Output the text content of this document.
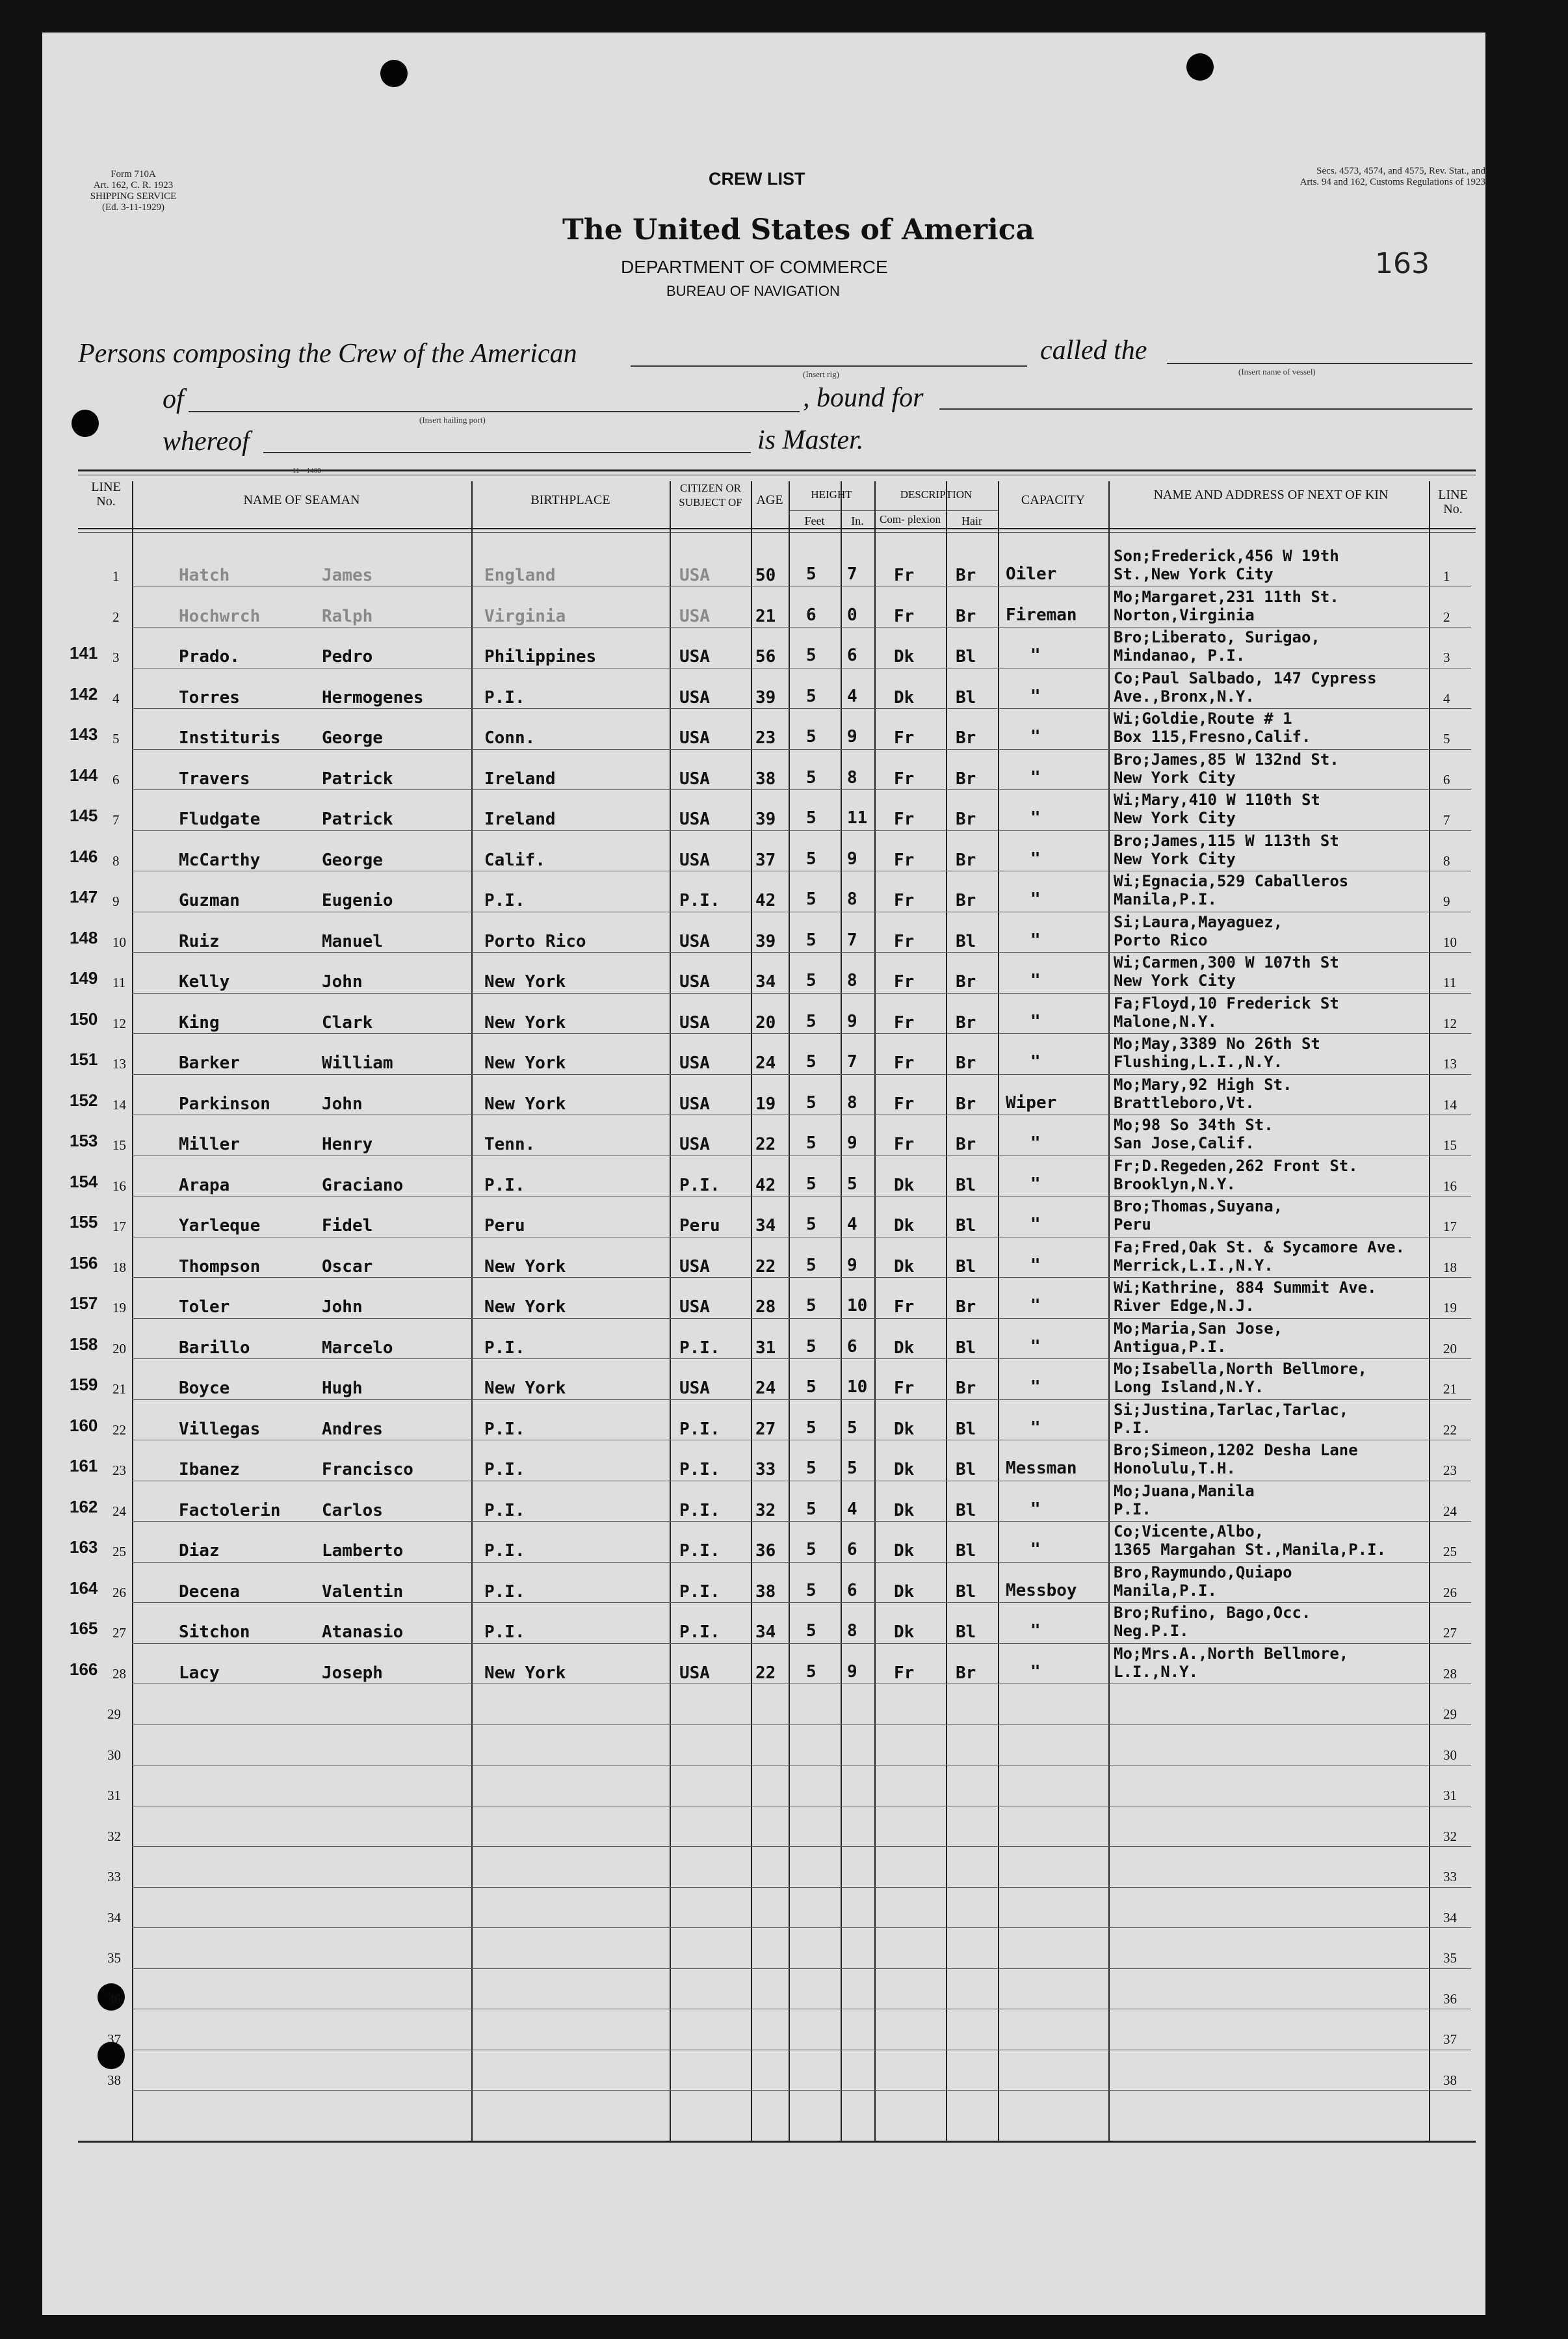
Form 710A
Art. 162, C. R. 1923
SHIPPING SERVICE
(Ed. 3-11-1929)
Secs. 4573, 4574, and 4575, Rev. Stat., and
Arts. 94 and 162, Customs Regulations of 1923
CREW LIST
The United States of America
DEPARTMENT OF COMMERCE
BUREAU OF NAVIGATION
163
Persons composing the Crew of the American
(Insert rig)
called the
(Insert name of vessel)
of
(Insert hailing port)
, bound for
whereof	is Master.
LINE No.	NAME OF SEAMAN	BIRTHPLACE
CITIZEN OR SUBJECT OF	AGE	HEIGHT
Feet	In.
DESCRIPTION
Com- plexion	Hair
CAPACITY	NAME AND ADDRESS OF NEXT OF KIN	LINE No.
1	Hatch	James	England	USA	50 5 7 Fr Br Oiler
Son;Frederick,456 W 19th
St.,New York City	1
2	Hochwrch	Ralph	Virginia	USA	21 6 0 Fr Br Fireman
Mo;Margaret,231 11th St.
Norton,Virginia	2
141 3	Prado.	Pedro	Philippines	USA	56 5 6 Dk Bl	"
Bro;Liberato, Surigao,
Mindanao, P.I.	3
142 4	Torres	Hermogenes	P.I.	USA	39 5 4 Dk Bl	"
Co;Paul Salbado, 147 Cypress
Ave.,Bronx,N.Y.	4
143 5	Instituris George	Conn.	USA	23 5 9 Fr Br	"
Wi;Goldie,Route # 1
Box 115,Fresno,Calif.	5
144 6	Travers	Patrick	Ireland	USA	38 5 8 Fr Br	"
Bro;James,85 W 132nd St.
New York City	6
145 7	Fludgate	Patrick	Ireland	USA	39 5 11 Fr Br	"
Wi;Mary,410 W 110th St
New York City	7
146 8	McCarthy	George	Calif.	USA	37 5 9 Fr Br	"
Bro;James,115 W 113th St
New York City	8
147 9	Guzman	Eugenio	P.I.	P.I. 42 5 8 Fr Br	"
Wi;Egnacia,529 Caballeros
Manila,P.I.	9
148 10	Ruiz	Manuel	Porto Rico	USA	39 5 7 Fr Bl	"
Si;Laura,Mayaguez,
Porto Rico	10
149 11	Kelly	John	New York	USA	34 5 8 Fr Br	"
Wi;Carmen,300 W 107th St
New York City	11
150 12	King	Clark	New York	USA	20 5 9 Fr Br	"
Fa;Floyd,10 Frederick St
Malone,N.Y.	12
151 13	Barker	William	New York	USA	24 5 7 Fr Br	"
Mo;May,3389 No 26th St
Flushing,L.I.,N.Y.	13
152 14	Parkinson	John	New York	USA	19 5 8 Fr Br Wiper
Mo;Mary,92 High St.
Brattleboro,Vt.	14
153 15	Miller	Henry	Tenn.	USA	22 5 9 Fr Br	"
Mo;98 So 34th St.
San Jose,Calif.	15
154 16	Arapa	Graciano	P.I.	P.I. 42 5 5 Dk Bl	"
Fr;D.Regeden,262 Front St.
Brooklyn,N.Y.	16
155 17	Yarleque	Fidel	Peru	Peru 34 5 4 Dk Bl	"
Bro;Thomas,Suyana,
Peru	17
156 18	Thompson	Oscar	New York	USA	22 5 9 Dk Bl	"
Fa;Fred,Oak St. & Sycamore Ave.
Merrick,L.I.,N.Y.	18
157 19	Toler	John	New York	USA	28 5 10 Fr Br	"
Wi;Kathrine, 884 Summit Ave.
River Edge,N.J.	19
158 20	Barillo	Marcelo	P.I.	P.I. 31 5 6 Dk Bl	"
Mo;Maria,San Jose,
Antigua,P.I.	20
159 21	Boyce	Hugh	New York	USA	24 5 10 Fr Br	"
Mo;Isabella,North Bellmore,
Long Island,N.Y.	21
160 22	Villegas	Andres	P.I.	P.I. 27 5 5 Dk Bl	"
Si;Justina,Tarlac,Tarlac,
P.I.	22
161 23	Ibanez	Francisco	P.I.	P.I. 33 5 5 Dk Bl Messman
Bro;Simeon,1202 Desha Lane
Honolulu,T.H.	23
162 24	Factolerin Carlos	P.I.	P.I. 32 5 4 Dk Bl	"
Mo;Juana,Manila
P.I.	24
163 25	Diaz	Lamberto	P.I.	P.I. 36 5 6 Dk Bl	"
Co;Vicente,Albo,
1365 Margahan St.,Manila,P.I.	25
164 26	Decena	Valentin	P.I.	P.I. 38 5 6 Dk Bl Messboy
Bro,Raymundo,Quiapo
Manila,P.I.	26
165 27	Sitchon	Atanasio	P.I.	P.I. 34 5 8 Dk Bl	"
Bro;Rufino, Bago,Occ.
Neg.P.I.	27
166 28	Lacy	Joseph	New York	USA	22 5 9 Fr Br	"
Mo;Mrs.A.,North Bellmore,
L.I.,N.Y.	28
29	29
30	30
31	31
32	32
33	33
34	34
35	35
36	36
37	37
38	38
